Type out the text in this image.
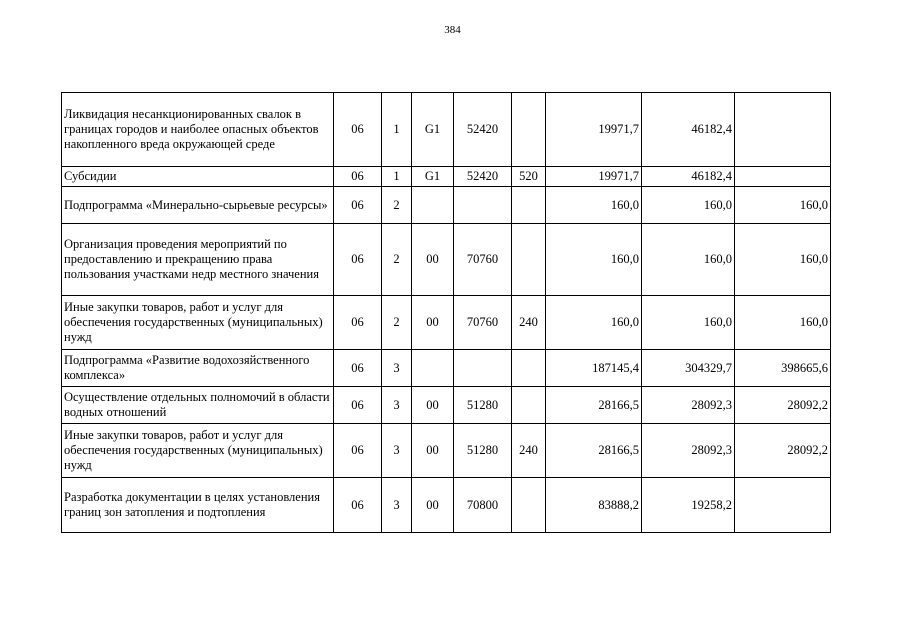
384
Ликвидация несанкционированных свалок в границах городов и наиболее опасных объектов накопленного вреда окружающей среде	06	1	G1	52420		19971,7	46182,4	
Субсидии	06	1	G1	52420	520	19971,7	46182,4	
Подпрограмма «Минерально-сырьевые ресурсы»	06	2				160,0	160,0	160,0
Организация проведения мероприятий по предоставлению и прекращению права пользования участками недр местного значения	06	2	00	70760		160,0	160,0	160,0
Иные закупки товаров, работ и услуг для обеспечения государственных (муниципальных) нужд	06	2	00	70760	240	160,0	160,0	160,0
Подпрограмма «Развитие водохозяйственного комплекса»	06	3				187145,4	304329,7	398665,6
Осуществление отдельных полномочий в области водных отношений	06	3	00	51280		28166,5	28092,3	28092,2
Иные закупки товаров, работ и услуг для обеспечения государственных (муниципальных) нужд	06	3	00	51280	240	28166,5	28092,3	28092,2
Разработка документации в целях установления границ зон затопления и подтопления	06	3	00	70800		83888,2	19258,2	
